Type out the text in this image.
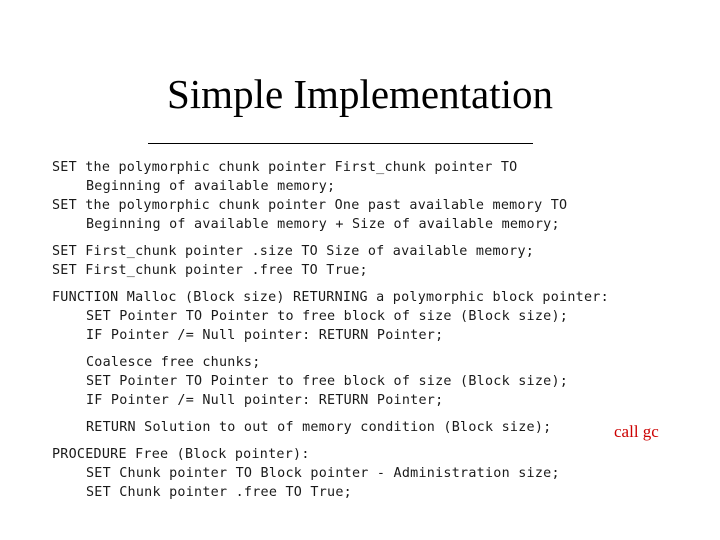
Simple Implementation
SET the polymorphic chunk pointer First_chunk pointer TO
Beginning of available memory;
SET the polymorphic chunk pointer One past available memory TO
Beginning of available memory + Size of available memory;
SET First_chunk pointer .size TO Size of available memory;
SET First_chunk pointer .free TO True;
FUNCTION Malloc (Block size) RETURNING a polymorphic block pointer:
SET Pointer TO Pointer to free block of size (Block size);
IF Pointer /= Null pointer: RETURN Pointer;
Coalesce free chunks;
SET Pointer TO Pointer to free block of size (Block size);
IF Pointer /= Null pointer: RETURN Pointer;
RETURN Solution to out of memory condition (Block size);
PROCEDURE Free (Block pointer):
SET Chunk pointer TO Block pointer - Administration size;
SET Chunk pointer .free TO True;
call gc
